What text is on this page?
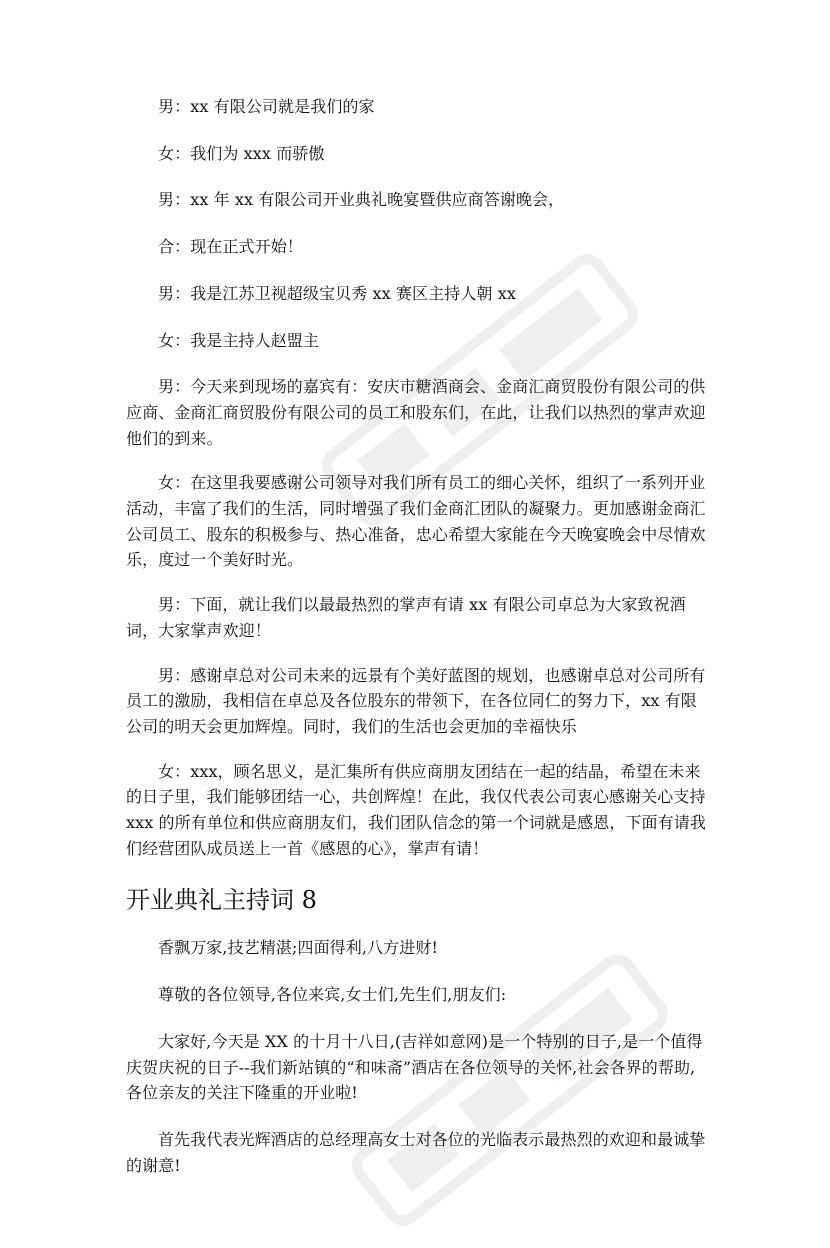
男：xx 有限公司就是我们的家

女：我们为 xxx 而骄傲

男：xx 年 xx 有限公司开业典礼晚宴暨供应商答谢晚会，

合：现在正式开始！

男：我是江苏卫视超级宝贝秀 xx 赛区主持人朝 xx

女：我是主持人赵盟主

男：今天来到现场的嘉宾有：安庆市糖酒商会、金商汇商贸股份有限公司的供应商、金商汇商贸股份有限公司的员工和股东们，在此，让我们以热烈的掌声欢迎他们的到来。

女：在这里我要感谢公司领导对我们所有员工的细心关怀，组织了一系列开业活动，丰富了我们的生活，同时增强了我们金商汇团队的凝聚力。更加感谢金商汇公司员工、股东的积极参与、热心准备，忠心希望大家能在今天晚宴晚会中尽情欢乐，度过一个美好时光。

男：下面，就让我们以最最热烈的掌声有请 xx 有限公司卓总为大家致祝酒词，大家掌声欢迎！

男：感谢卓总对公司未来的远景有个美好蓝图的规划，也感谢卓总对公司所有员工的激励，我相信在卓总及各位股东的带领下，在各位同仁的努力下，xx 有限公司的明天会更加辉煌。同时，我们的生活也会更加的幸福快乐

女：xxx，顾名思义，是汇集所有供应商朋友团结在一起的结晶，希望在未来的日子里，我们能够团结一心，共创辉煌！在此，我仅代表公司衷心感谢关心支持 xxx 的所有单位和供应商朋友们，我们团队信念的第一个词就是感恩，下面有请我们经营团队成员送上一首《感恩的心》，掌声有请！

开业典礼主持词 8

香飘万家,技艺精湛;四面得利,八方进财!

尊敬的各位领导,各位来宾,女士们,先生们,朋友们:

大家好,今天是 XX 的十月十八日,(吉祥如意网)是一个特别的日子,是一个值得庆贺庆祝的日子--我们新站镇的“和味斋”酒店在各位领导的关怀,社会各界的帮助,各位亲友的关注下隆重的开业啦!

首先我代表光辉酒店的总经理高女士对各位的光临表示最热烈的欢迎和最诚挚的谢意!
